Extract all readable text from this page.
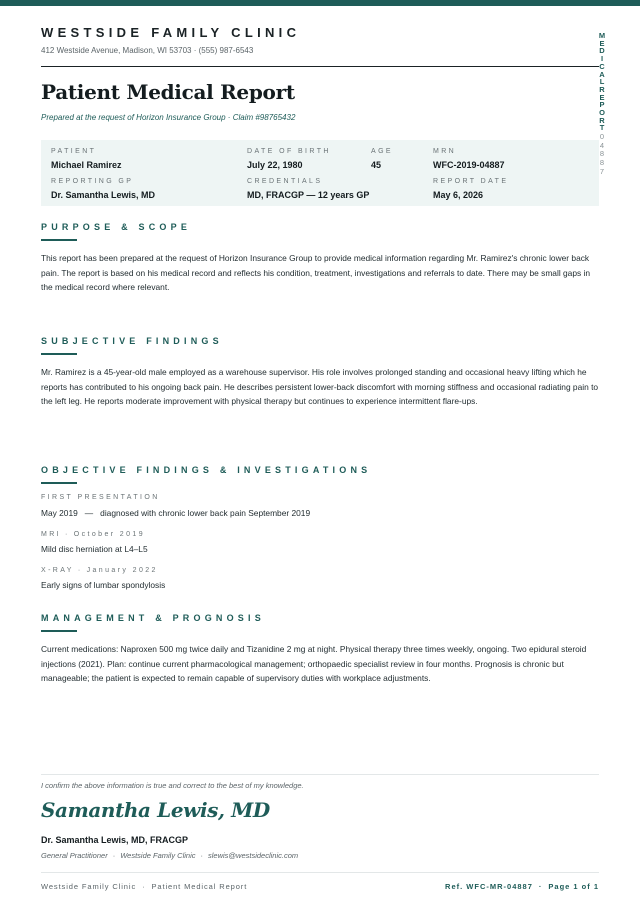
WESTSIDE FAMILY CLINIC
412 Westside Avenue, Madison, WI 53703 · (555) 987-6543
M
E
D
I
C
A
L
R
E
P
O
R
T
0
4
8
8
7
Patient Medical Report
Prepared at the request of Horizon Insurance Group · Claim #98765432
PATIENT
Michael Ramirez
DATE OF BIRTH
July 22, 1980
AGE
45
MRN
WFC-2019-04887
REPORTING GP
Dr. Samantha Lewis, MD
CREDENTIALS
MD, FRACGP — 12 years GP
REPORT DATE
May 6, 2026
PURPOSE & SCOPE
This report has been prepared at the request of Horizon Insurance Group to provide medical information regarding Mr. Ramirez's chronic lower back pain. The report is based on his medical record and reflects his condition, treatment, investigations and referrals to date. There may be small gaps in the medical record where relevant.
SUBJECTIVE FINDINGS
Mr. Ramirez is a 45-year-old male employed as a warehouse supervisor. His role involves prolonged standing and occasional heavy lifting which he reports has contributed to his ongoing back pain. He describes persistent lower-back discomfort with morning stiffness and occasional radiating pain to the left leg. He reports moderate improvement with physical therapy but continues to experience intermittent flare-ups.
OBJECTIVE FINDINGS & INVESTIGATIONS
FIRST PRESENTATION
May 2019 — diagnosed with chronic lower back pain September 2019
MRI · October 2019
Mild disc herniation at L4–L5
X-RAY · January 2022
Early signs of lumbar spondylosis
MANAGEMENT & PROGNOSIS
Current medications: Naproxen 500 mg twice daily and Tizanidine 2 mg at night. Physical therapy three times weekly, ongoing. Two epidural steroid injections (2021). Plan: continue current pharmacological management; orthopaedic specialist review in four months. Prognosis is chronic but manageable; the patient is expected to remain capable of supervisory duties with workplace adjustments.
I confirm the above information is true and correct to the best of my knowledge.
Samantha Lewis, MD
Dr. Samantha Lewis, MD, FRACGP
General Practitioner · Westside Family Clinic · slewis@westsideclinic.com
Westside Family Clinic · Patient Medical Report	Ref. WFC-MR-04887 · Page 1 of 1
